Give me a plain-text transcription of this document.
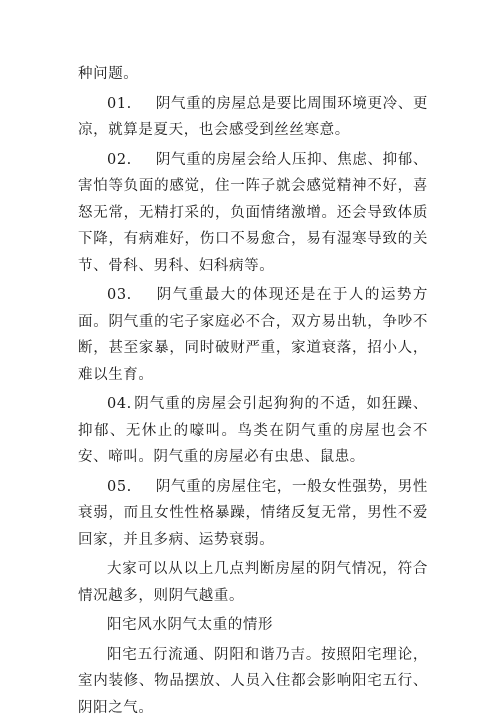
种问题。

01. 阴气重的房屋总是要比周围环境更冷、更凉，就算是夏天，也会感受到丝丝寒意。

02. 阴气重的房屋会给人压抑、焦虑、抑郁、害怕等负面的感觉，住一阵子就会感觉精神不好，喜怒无常，无精打采的，负面情绪激增。还会导致体质下降，有病难好，伤口不易愈合，易有湿寒导致的关节、骨科、男科、妇科病等。

03. 阴气重最大的体现还是在于人的运势方面。阴气重的宅子家庭必不合，双方易出轨，争吵不断，甚至家暴，同时破财严重，家道衰落，招小人，难以生育。

04. 阴气重的房屋会引起狗狗的不适，如狂躁、抑郁、无休止的嚎叫。鸟类在阴气重的房屋也会不安、啼叫。阴气重的房屋必有虫患、鼠患。

05. 阴气重的房屋住宅，一般女性强势，男性衰弱，而且女性性格暴躁，情绪反复无常，男性不爱回家，并且多病、运势衰弱。

大家可以从以上几点判断房屋的阴气情况，符合情况越多，则阴气越重。

阳宅风水阴气太重的情形

阳宅五行流通、阴阳和谐乃吉。按照阳宅理论，室内装修、物品摆放、人员入住都会影响阳宅五行、阴阳之气。
